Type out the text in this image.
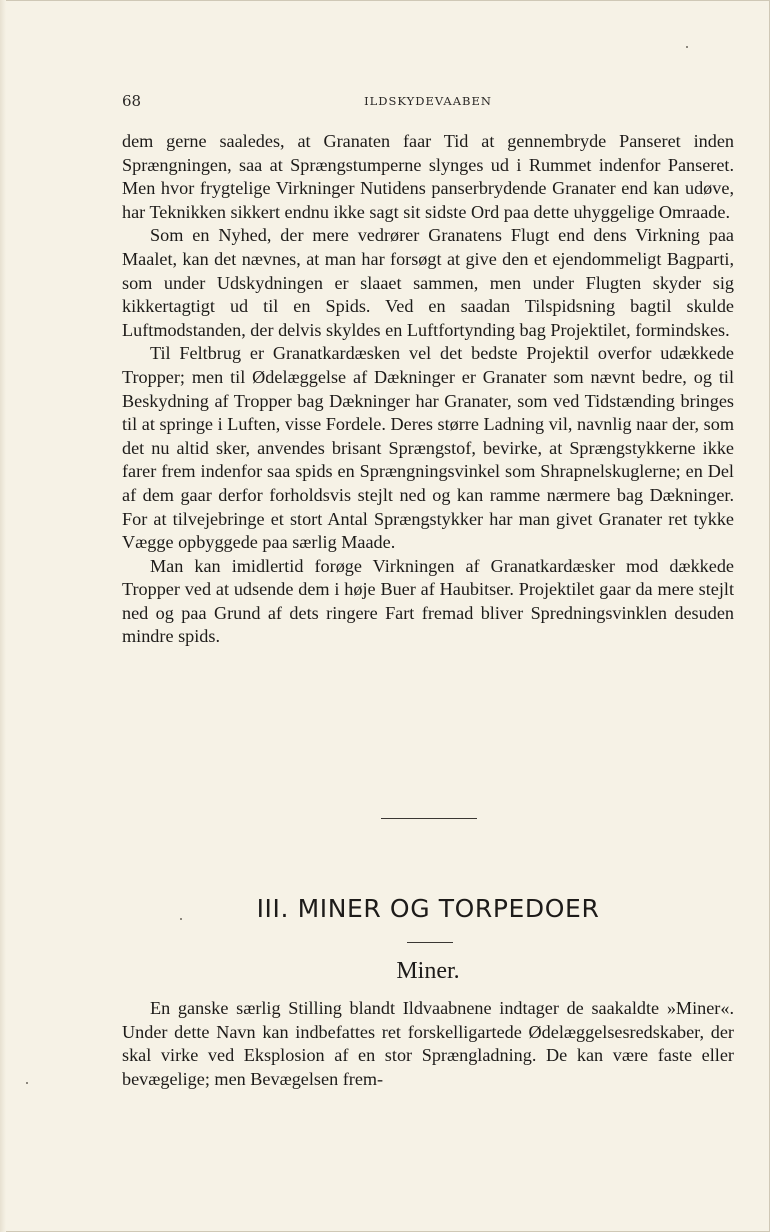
68	ILDSKYDEVAABEN

dem gerne saaledes, at Granaten faar Tid at gennembryde Panseret inden Sprængningen, saa at Sprængstumperne slynges ud i Rummet indenfor Panseret. Men hvor frygtelige Virkninger Nutidens panserbrydende Granater end kan udøve, har Teknikken sikkert endnu ikke sagt sit sidste Ord paa dette uhyggelige Omraade.

Som en Nyhed, der mere vedrører Granatens Flugt end dens Virkning paa Maalet, kan det nævnes, at man har forsøgt at give den et ejendommeligt Bagparti, som under Udskydningen er slaaet sammen, men under Flugten skyder sig kikkertagtigt ud til en Spids. Ved en saadan Tilspidsning bagtil skulde Luftmodstanden, der delvis skyldes en Luftfortynding bag Projektilet, formindskes.

Til Feltbrug er Granatkardæsken vel det bedste Projektil overfor udækkede Tropper; men til Ødelæggelse af Dækninger er Granater som nævnt bedre, og til Beskydning af Tropper bag Dækninger har Granater, som ved Tidstænding bringes til at springe i Luften, visse Fordele. Deres større Ladning vil, navnlig naar der, som det nu altid sker, anvendes brisant Sprængstof, bevirke, at Sprængstykkerne ikke farer frem indenfor saa spids en Sprængningsvinkel som Shrapnelskuglerne; en Del af dem gaar derfor forholdsvis stejlt ned og kan ramme nærmere bag Dækninger. For at tilvejebringe et stort Antal Sprængstykker har man givet Granater ret tykke Vægge opbyggede paa særlig Maade.

Man kan imidlertid forøge Virkningen af Granatkardæsker mod dækkede Tropper ved at udsende dem i høje Buer af Haubitser. Projektilet gaar da mere stejlt ned og paa Grund af dets ringere Fart fremad bliver Spredningsvinklen desuden mindre spids.

III. MINER OG TORPEDOER
Miner.

En ganske særlig Stilling blandt Ildvaabnene indtager de saakaldte »Miner«. Under dette Navn kan indbefattes ret forskelligartede Ødelæggelsesredskaber, der skal virke ved Eksplosion af en stor Sprængladning. De kan være faste eller bevægelige; men Bevægelsen frem-
